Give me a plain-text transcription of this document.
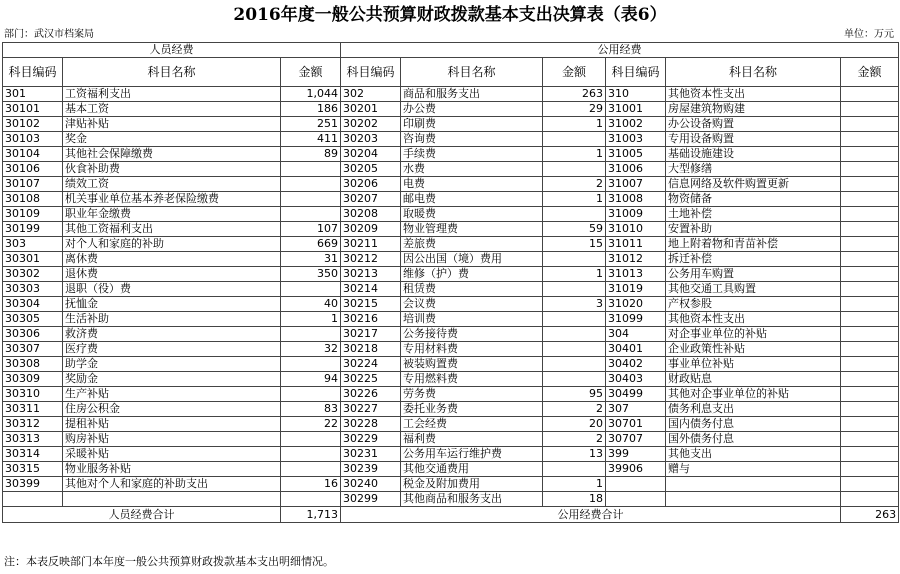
2016年度一般公共预算财政拨款基本支出决算表（表6）
部门：武汉市档案局	单位：万元
人员经费			公用经费					
科目编码	科目名称	金额	科目编码	科目名称	金额	科目编码	科目名称	金额
301	工资福利支出	1,044	302	商品和服务支出	263	310	其他资本性支出	
30101	基本工资	186	30201	办公费	29	31001	房屋建筑物购建	
30102	津贴补贴	251	30202	印刷费	1	31002	办公设备购置	
30103	奖金	411	30203	咨询费		31003	专用设备购置	
30104	其他社会保障缴费	89	30204	手续费	1	31005	基础设施建设	
30106	伙食补助费		30205	水费		31006	大型修缮	
30107	绩效工资		30206	电费	2	31007	信息网络及软件购置更新	
30108	机关事业单位基本养老保险缴费		30207	邮电费	1	31008	物资储备	
30109	职业年金缴费		30208	取暖费		31009	土地补偿	
30199	其他工资福利支出	107	30209	物业管理费	59	31010	安置补助	
303	对个人和家庭的补助	669	30211	差旅费	15	31011	地上附着物和青苗补偿	
30301	离休费	31	30212	因公出国（境）费用		31012	拆迁补偿	
30302	退休费	350	30213	维修（护）费	1	31013	公务用车购置	
30303	退职（役）费		30214	租赁费		31019	其他交通工具购置	
30304	抚恤金	40	30215	会议费	3	31020	产权参股	
30305	生活补助	1	30216	培训费		31099	其他资本性支出	
30306	救济费		30217	公务接待费		304	对企事业单位的补贴	
30307	医疗费	32	30218	专用材料费		30401	企业政策性补贴	
30308	助学金		30224	被装购置费		30402	事业单位补贴	
30309	奖励金	94	30225	专用燃料费		30403	财政贴息	
30310	生产补贴		30226	劳务费	95	30499	其他对企事业单位的补贴	
30311	住房公积金	83	30227	委托业务费	2	307	债务利息支出	
30312	提租补贴	22	30228	工会经费	20	30701	国内债务付息	
30313	购房补贴		30229	福利费	2	30707	国外债务付息	
30314	采暖补贴		30231	公务用车运行维护费	13	399	其他支出	
30315	物业服务补贴		30239	其他交通费用		39906	赠与	
30399	其他对个人和家庭的补助支出	16	30240	税金及附加费用	1			
			30299	其他商品和服务支出	18			
人员经费合计		1,713	公用经费合计					263
注：本表反映部门本年度一般公共预算财政拨款基本支出明细情况。
